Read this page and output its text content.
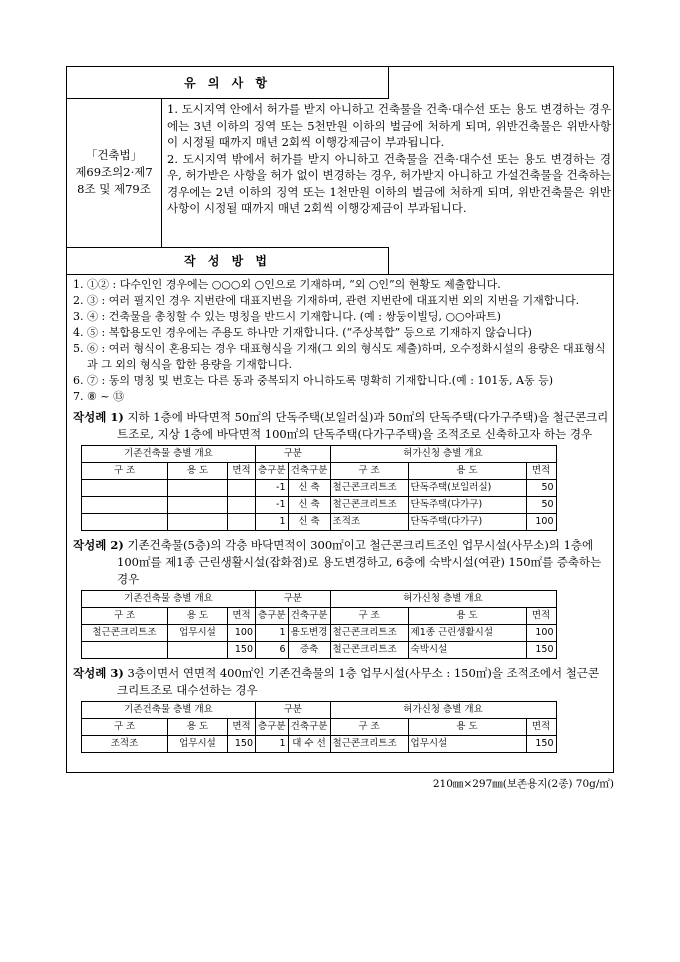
유 의 사 항
「건축법」
제69조의2·제7
8조 및 제79조

1. 도시지역 안에서 허가를 받지 아니하고 건축물을 건축·대수선 또는 용도 변경하는 경우에는 3년 이하의 징역 또는 5천만원 이하의 벌금에 처하게 되며, 위반건축물은 위반사항이 시정될 때까지 매년 2회씩 이행강제금이 부과됩니다.

2. 도시지역 밖에서 허가를 받지 아니하고 건축물을 건축·대수선 또는 용도 변경하는 경우, 허가받은 사항을 허가 없이 변경하는 경우, 허가받지 아니하고 가설건축물을 건축하는 경우에는 2년 이하의 징역 또는 1천만원 이하의 벌금에 처하게 되며, 위반건축물은 위반사항이 시정될 때까지 매년 2회씩 이행강제금이 부과됩니다.

작 성 방 법

1. ①② : 다수인인 경우에는 ○○○외 ○인으로 기재하며, “외 ○인”의 현황도 제출합니다.

2. ③ : 여러 필지인 경우 지번란에 대표지번을 기재하며, 관련 지번란에 대표지번 외의 지번을 기재합니다.

3. ④ : 건축물을 총칭할 수 있는 명칭을 반드시 기재합니다. (예 : 쌍둥이빌딩, ○○아파트)

4. ⑤ : 복합용도인 경우에는 주용도 하나만 기재합니다. (“주상복합” 등으로 기재하지 않습니다)

5. ⑥ : 여러 형식이 혼용되는 경우 대표형식을 기재(그 외의 형식도 제출)하며, 오수정화시설의 용량은 대표형식과 그 외의 형식을 합한 용량을 기재합니다.

6. ⑦ : 동의 명칭 및 번호는 다른 동과 중복되지 아니하도록 명확히 기재합니다.(예 : 101동, A동 등)

7. ⑧ ~ ⑬

작성례 1) 지하 1층에 바닥면적 50㎡의 단독주택(보일러실)과 50㎡의 단독주택(다가구주택)을 철근콘크리트조로, 지상 1층에 바닥면적 100㎡의 단독주택(다가구주택)을 조적조로 신축하고자 하는 경우

기존건축물 층별 개요			구분		허가신청 층별 개요		
구 조	용 도	면적	층구분	건축구분	구 조	용 도	면적
			-1	신 축	철근콘크리트조	단독주택(보일러실)	50
			-1	신 축	철근콘크리트조	단독주택(다가구)	50
			1	신 축	조적조	단독주택(다가구)	100

작성례 2) 기존건축물(5층)의 각층 바닥면적이 300㎡이고 철근콘크리트조인 업무시설(사무소)의 1층에 100㎡를 제1종 근린생활시설(잡화점)로 용도변경하고, 6층에 숙박시설(여관) 150㎡를 증축하는 경우

기존건축물 층별 개요			구분		허가신청 층별 개요		
구 조	용 도	면적	층구분	건축구분	구 조	용 도	면적
철근콘크리트조	업무시설	100	1	용도변경	철근콘크리트조	제1종 근린생활시설	100
		150	6	증축	철근콘크리트조	숙박시설	150

작성례 3) 3층이면서 연면적 400㎡인 기존건축물의 1층 업무시설(사무소 : 150㎡)을 조적조에서 철근콘크리트조로 대수선하는 경우

기존건축물 층별 개요			구분		허가신청 층별 개요		
구 조	용 도	면적	층구분	건축구분	구 조	용 도	면적
조적조	업무시설	150	1	대 수 선	철근콘크리트조	업무시설	150
210㎜×297㎜(보존용지(2종) 70g/㎡)
